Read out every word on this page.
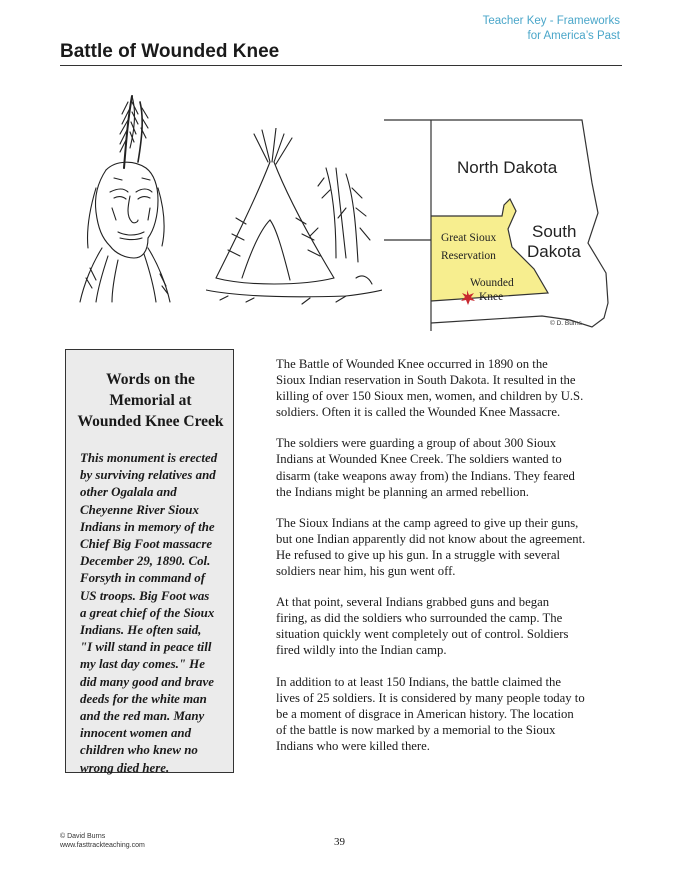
Teacher Key - Frameworks
for America’s Past
Battle of Wounded Knee
North Dakota
South
Dakota
Great Sioux
Reservation
Wounded
Knee
© D. Burns
Words on the
Memorial at
Wounded Knee Creek
This monument is erected
by surviving relatives and
other Ogalala and
Cheyenne River Sioux
Indians in memory of the
Chief Big Foot massacre
December 29, 1890. Col.
Forsyth in command of
US troops. Big Foot was
a great chief of the Sioux
Indians. He often said,
"I will stand in peace till
my last day comes." He
did many good and brave
deeds for the white man
and the red man. Many
innocent women and
children who knew no
wrong died here.

The Battle of Wounded Knee occurred in 1890 on the
Sioux Indian reservation in South Dakota. It resulted in the
killing of over 150 Sioux men, women, and children by U.S.
soldiers. Often it is called the Wounded Knee Massacre.

The soldiers were guarding a group of about 300 Sioux
Indians at Wounded Knee Creek. The soldiers wanted to
disarm (take weapons away from) the Indians. They feared
the Indians might be planning an armed rebellion.

The Sioux Indians at the camp agreed to give up their guns,
but one Indian apparently did not know about the agreement.
He refused to give up his gun. In a struggle with several
soldiers near him, his gun went off.

At that point, several Indians grabbed guns and began
firing, as did the soldiers who surrounded the camp. The
situation quickly went completely out of control. Soldiers
fired wildly into the Indian camp.

In addition to at least 150 Indians, the battle claimed the
lives of 25 soldiers. It is considered by many people today to
be a moment of disgrace in American history. The location
of the battle is now marked by a memorial to the Sioux
Indians who were killed there.

© David Burns
www.fasttrackteaching.com	39
